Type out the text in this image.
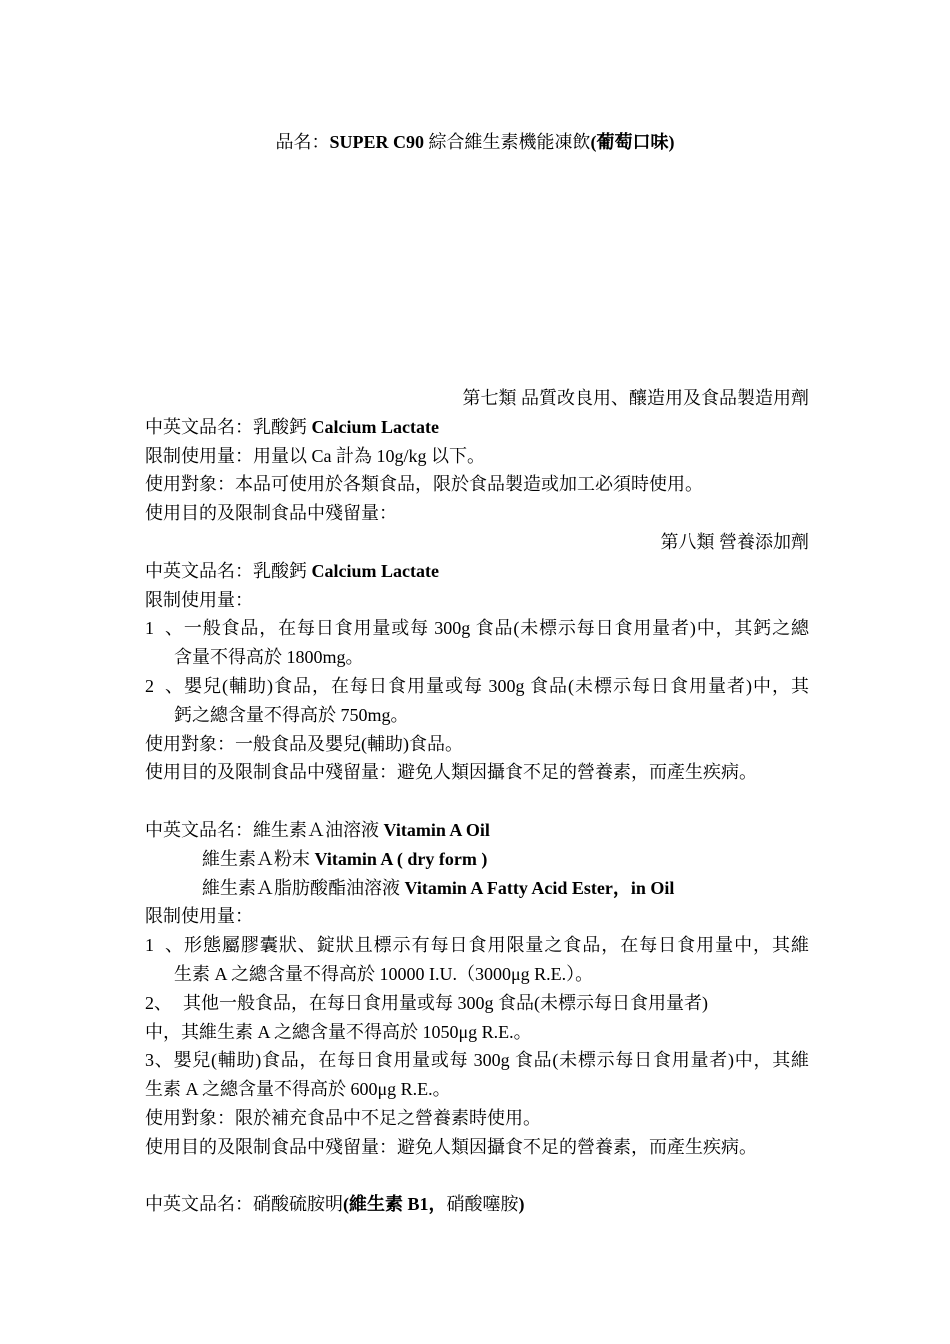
品名：SUPER C90 綜合維生素機能凍飲(葡萄口味)
第七類 品質改良用、釀造用及食品製造用劑
中英文品名：乳酸鈣 Calcium Lactate
限制使用量：用量以 Ca 計為 10g/kg 以下。
使用對象：本品可使用於各類食品，限於食品製造或加工必須時使用。
使用目的及限制食品中殘留量：
第八類 營養添加劑
中英文品名：乳酸鈣 Calcium Lactate
限制使用量：
1、一般食品，在每日食用量或每 300g 食品(未標示每日食用量者)中，其鈣之總
含量不得高於 1800mg。
2、嬰兒(輔助)食品，在每日食用量或每 300g 食品(未標示每日食用量者)中，其
鈣之總含量不得高於 750mg。
使用對象：一般食品及嬰兒(輔助)食品。
使用目的及限制食品中殘留量：避免人類因攝食不足的營養素，而產生疾病。
中英文品名：維生素Ａ油溶液 Vitamin A Oil
維生素Ａ粉末 Vitamin A ( dry form )
維生素Ａ脂肪酸酯油溶液 Vitamin A Fatty Acid Ester，in Oil
限制使用量：
1、形態屬膠囊狀、錠狀且標示有每日食用限量之食品，在每日食用量中，其維
生素 A 之總含量不得高於 10000 I.U.（3000μg R.E.）。
2、 其他一般食品，在每日食用量或每 300g 食品(未標示每日食用量者)
中，其維生素 A 之總含量不得高於 1050μg R.E.。
3、嬰兒(輔助)食品，在每日食用量或每 300g 食品(未標示每日食用量者)中，其維
生素 A 之總含量不得高於 600μg R.E.。
使用對象：限於補充食品中不足之營養素時使用。
使用目的及限制食品中殘留量：避免人類因攝食不足的營養素，而產生疾病。
中英文品名：硝酸硫胺明(維生素 B1，硝酸噻胺)
